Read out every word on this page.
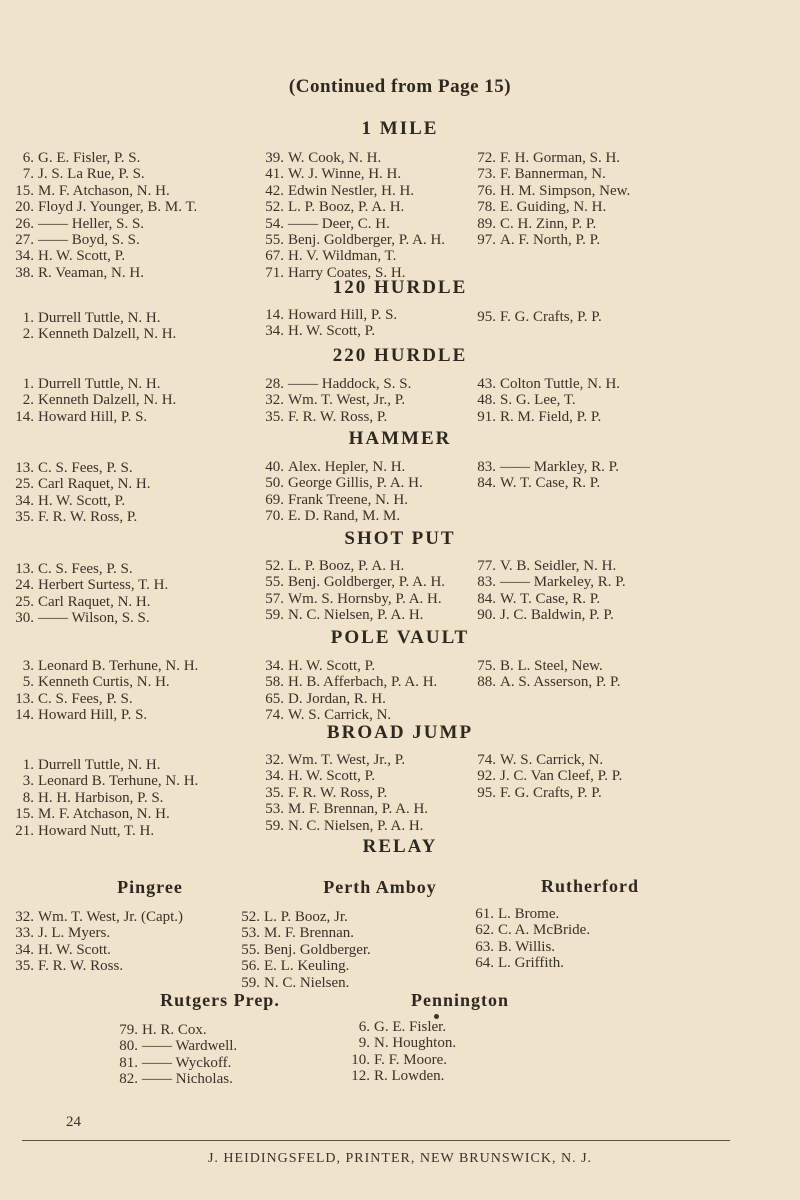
(Continued from Page 15)
1 MILE
6. G. E. Fisler, P. S.
7. J. S. La Rue, P. S.
15. M. F. Atchason, N. H.
20. Floyd J. Younger, B. M. T.
26. —— Heller, S. S.
27. —— Boyd, S. S.
34. H. W. Scott, P.
38. R. Veaman, N. H.
39. W. Cook, N. H.
41. W. J. Winne, H. H.
42. Edwin Nestler, H. H.
52. L. P. Booz, P. A. H.
54. —— Deer, C. H.
55. Benj. Goldberger, P. A. H.
67. H. V. Wildman, T.
71. Harry Coates, S. H.
72. F. H. Gorman, S. H.
73. F. Bannerman, N.
76. H. M. Simpson, New.
78. E. Guiding, N. H.
89. C. H. Zinn, P. P.
97. A. F. North, P. P.
120 HURDLE
1. Durrell Tuttle, N. H.
2. Kenneth Dalzell, N. H.
14. Howard Hill, P. S.
34. H. W. Scott, P.
95. F. G. Crafts, P. P.
220 HURDLE
1. Durrell Tuttle, N. H.
2. Kenneth Dalzell, N. H.
14. Howard Hill, P. S.
28. —— Haddock, S. S.
32. Wm. T. West, Jr., P.
35. F. R. W. Ross, P.
43. Colton Tuttle, N. H.
48. S. G. Lee, T.
91. R. M. Field, P. P.
HAMMER
13. C. S. Fees, P. S.
25. Carl Raquet, N. H.
34. H. W. Scott, P.
35. F. R. W. Ross, P.
40. Alex. Hepler, N. H.
50. George Gillis, P. A. H.
69. Frank Treene, N. H.
70. E. D. Rand, M. M.
83. —— Markley, R. P.
84. W. T. Case, R. P.
SHOT PUT
13. C. S. Fees, P. S.
24. Herbert Surtess, T. H.
25. Carl Raquet, N. H.
30. —— Wilson, S. S.
52. L. P. Booz, P. A. H.
55. Benj. Goldberger, P. A. H.
57. Wm. S. Hornsby, P. A. H.
59. N. C. Nielsen, P. A. H.
77. V. B. Seidler, N. H.
83. —— Markeley, R. P.
84. W. T. Case, R. P.
90. J. C. Baldwin, P. P.
POLE VAULT
3. Leonard B. Terhune, N. H.
5. Kenneth Curtis, N. H.
13. C. S. Fees, P. S.
14. Howard Hill, P. S.
34. H. W. Scott, P.
58. H. B. Afferbach, P. A. H.
65. D. Jordan, R. H.
74. W. S. Carrick, N.
75. B. L. Steel, New.
88. A. S. Asserson, P. P.
BROAD JUMP
1. Durrell Tuttle, N. H.
3. Leonard B. Terhune, N. H.
8. H. H. Harbison, P. S.
15. M. F. Atchason, N. H.
21. Howard Nutt, T. H.
32. Wm. T. West, Jr., P.
34. H. W. Scott, P.
35. F. R. W. Ross, P.
53. M. F. Brennan, P. A. H.
59. N. C. Nielsen, P. A. H.
74. W. S. Carrick, N.
92. J. C. Van Cleef, P. P.
95. F. G. Crafts, P. P.
RELAY
Pingree
32. Wm. T. West, Jr. (Capt.)
33. J. L. Myers.
34. H. W. Scott.
35. F. R. W. Ross.
Perth Amboy
52. L. P. Booz, Jr.
53. M. F. Brennan.
55. Benj. Goldberger.
56. E. L. Keuling.
59. N. C. Nielsen.
Rutherford
61. L. Brome.
62. C. A. McBride.
63. B. Willis.
64. L. Griffith.
Rutgers Prep.
79. H. R. Cox.
80. —— Wardwell.
81. —— Wyckoff.
82. —— Nicholas.
Pennington
6. G. E. Fisler.
9. N. Houghton.
10. F. F. Moore.
12. R. Lowden.
24
J. HEIDINGSFELD, PRINTER, NEW BRUNSWICK, N. J.
